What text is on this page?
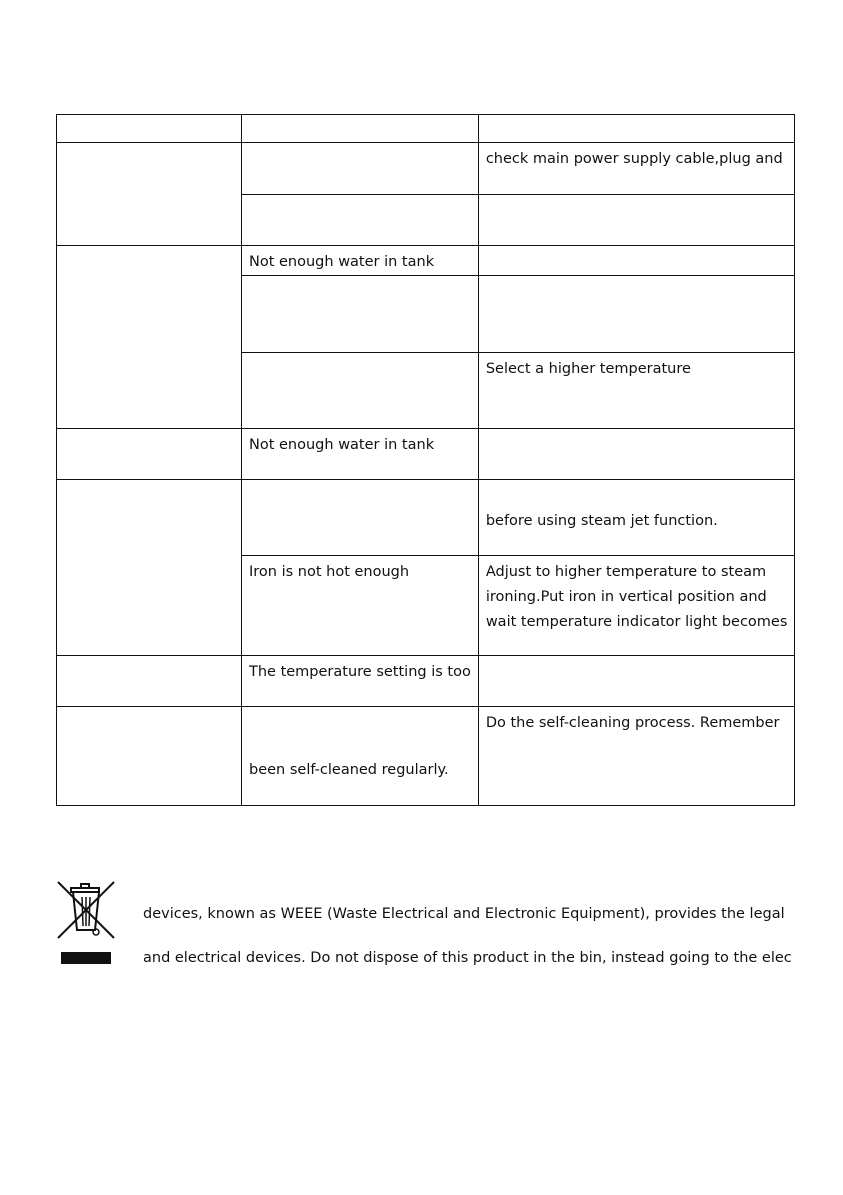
		check main power supply cable,plug and

	Not enough water in tank	

		Select a higher temperature
	Not enough water in tank	
		before using steam jet function.
	Iron is not hot enough	Adjust to higher temperature to steam
ironing.Put iron in vertical position and
wait temperature indicator light becomes
	The temperature setting is too	
	been self-cleaned regularly.	Do the self-cleaning process. Remember
devices, known as WEEE (Waste Electrical and Electronic Equipment), provides the legal
and electrical devices. Do not dispose of this product in the bin, instead going to the elec
